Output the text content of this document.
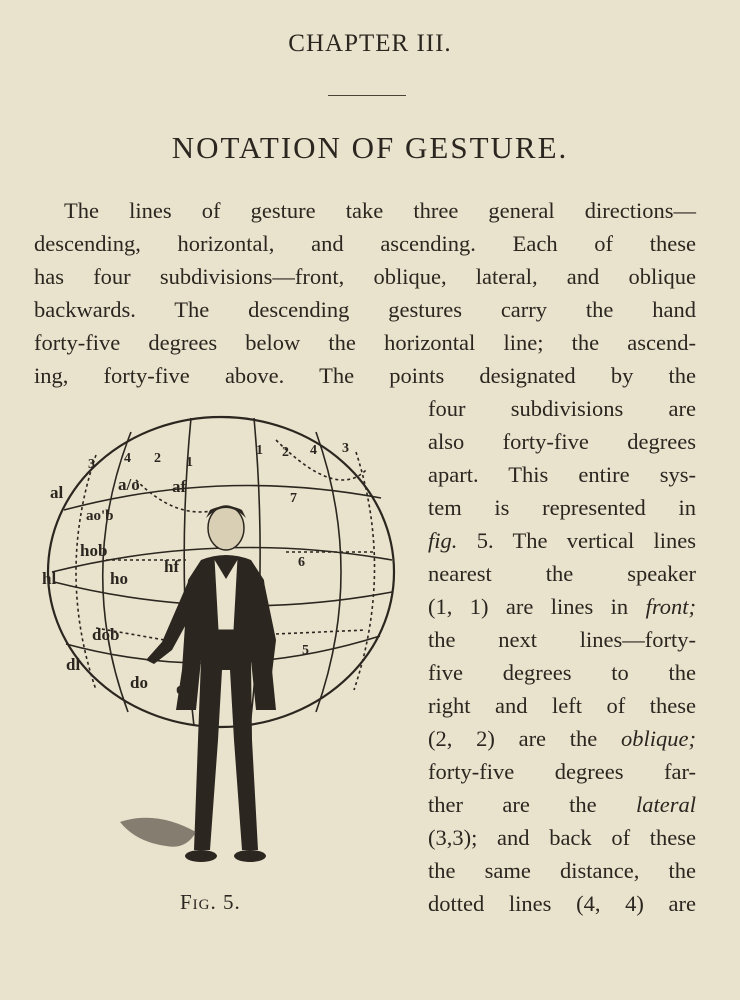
CHAPTER III.
NOTATION OF GESTURE.
The lines of gesture take three general directions—
descending, horizontal, and ascending. Each of these
has four subdivisions—front, oblique, lateral, and oblique
backwards. The descending gestures carry the hand
forty-five degrees below the horizontal line; the ascend-
ing, forty-five above. The points designated by the
four subdivisions are
also forty-five degrees
apart. This entire sys-
tem is represented in
fig. 5. The vertical lines
nearest the speaker
(1, 1) are lines in front;
the next lines—forty-
five degrees to the
right and left of these
(2, 2) are the oblique;
forty-five degrees far-
ther are the lateral
(3,3); and back of these
the same distance, the
dotted lines (4, 4) are
al	a/o af
ao'b
hob
hl	ho
hf
dob
dl
do df
3 4 2 1
1 2 4 3
7
6
5
Fig. 5.
